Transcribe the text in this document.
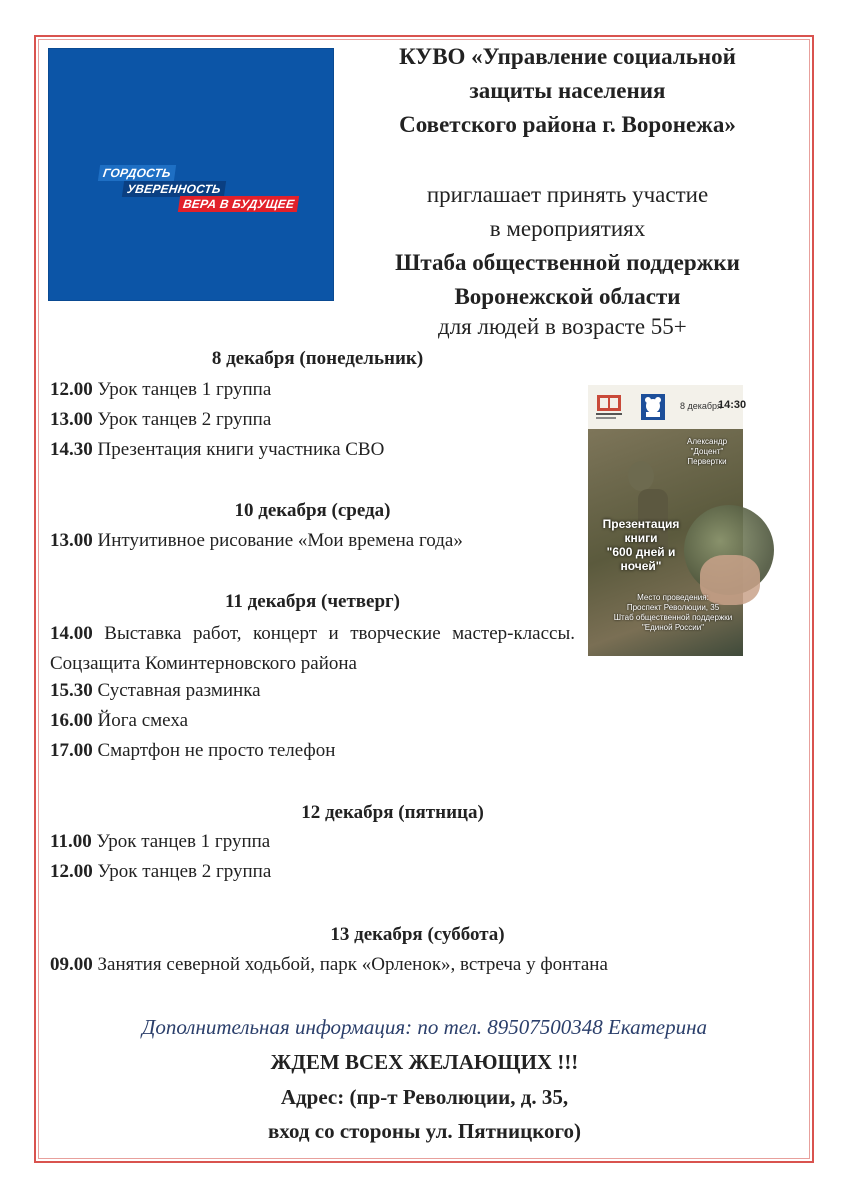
ГОРДОСТЬ
УВЕРЕННОСТЬ
ВЕРА В БУДУЩЕЕ
КУВО «Управление социальной
защиты населения
Советского района г. Воронежа»
приглашает принять участие
в мероприятиях
Штаба общественной поддержки
Воронежской области
для людей в возрасте 55+
8 декабря (понедельник)
12.00 Урок танцев 1 группа
13.00 Урок танцев 2 группа
14.30 Презентация книги участника СВО
10 декабря (среда)
13.00 Интуитивное рисование «Мои времена года»
11 декабря (четверг)
14.00 Выставка работ, концерт и творческие мастер-классы. Соцзащита Коминтерновского района
15.30 Суставная разминка
16.00 Йога смеха
17.00 Смартфон не просто телефон
12 декабря (пятница)
11.00 Урок танцев 1 группа
12.00 Урок танцев 2 группа
13 декабря (суббота)
09.00 Занятия северной ходьбой, парк «Орленок», встреча у фонтана
8 декабря
14:30
Александр
"Доцент"
Первертки
Презентация
книги
"600 дней и
ночей"
Место проведения:
Проспект Революции, 35
Штаб общественной поддержки
"Единой России"
Дополнительная информация: по тел. 89507500348 Екатерина
ЖДЕМ ВСЕХ ЖЕЛАЮЩИХ !!!
Адрес: (пр-т Революции, д. 35,
вход со стороны ул. Пятницкого)
